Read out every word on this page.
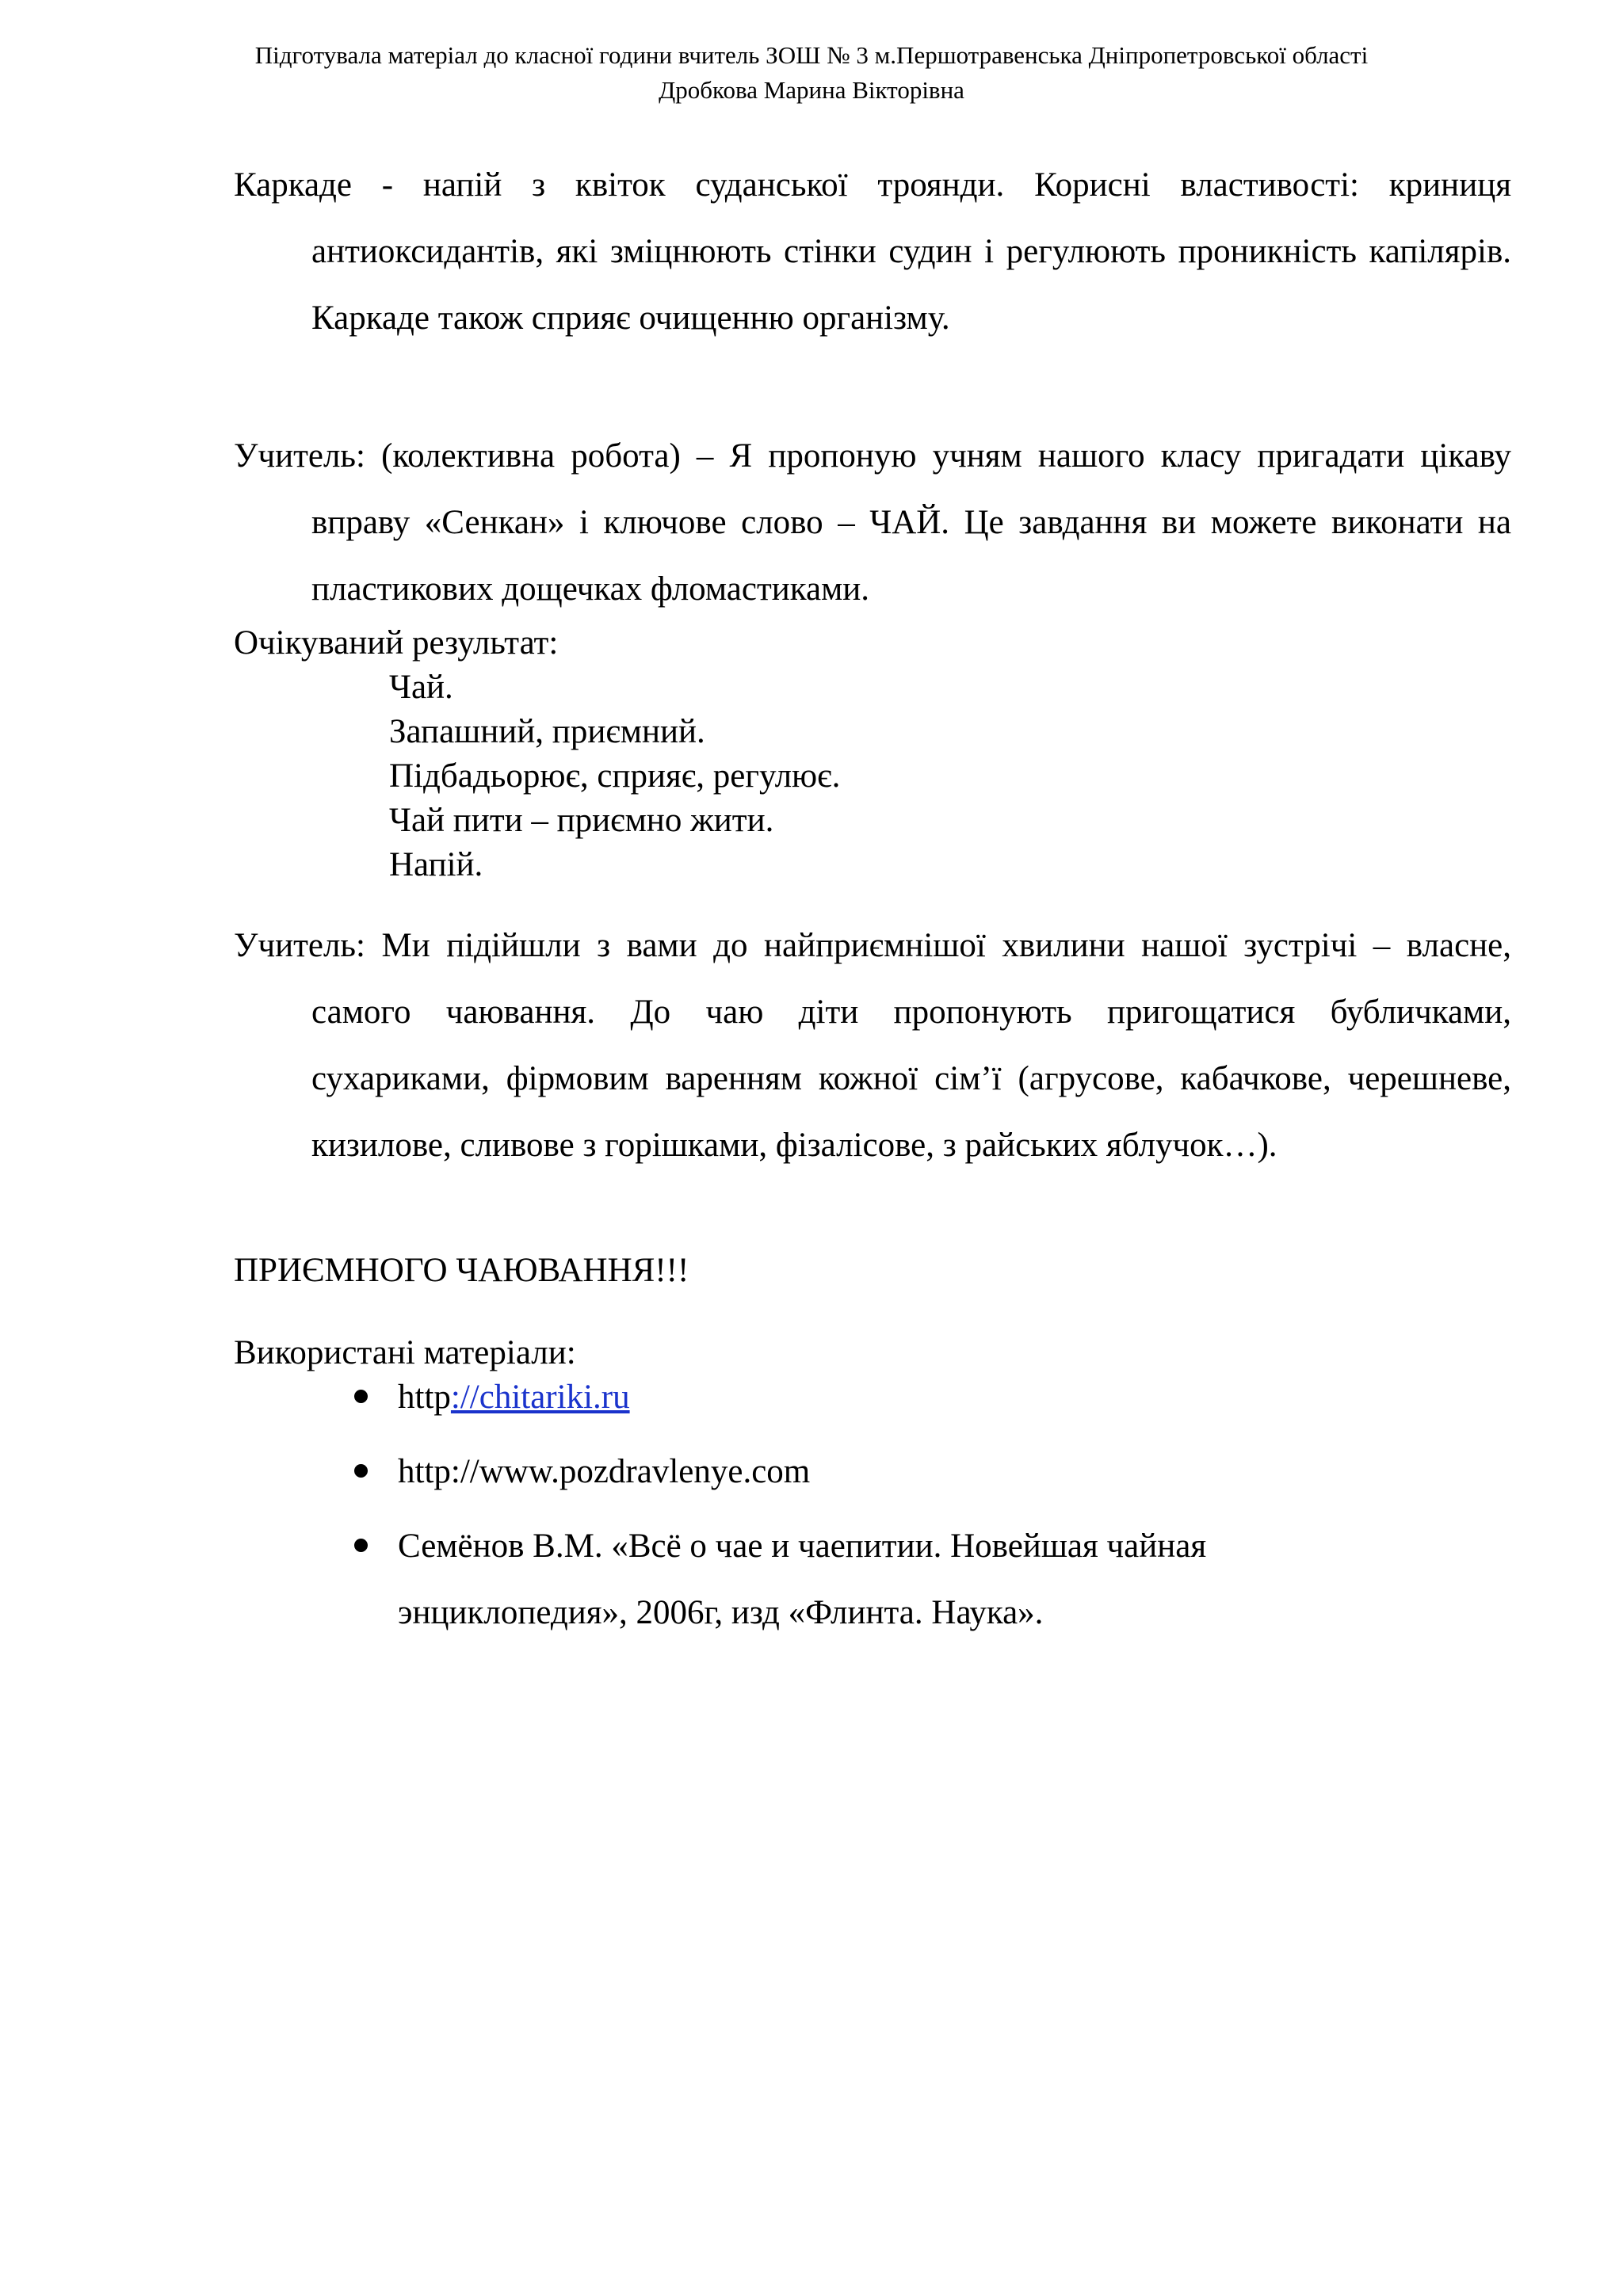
Підготувала матеріал до класної години вчитель ЗОШ № 3 м.Першотравенська Дніпропетровської області
Дробкова Марина Вікторівна

Каркаде - напій з квіток суданської троянди. Корисні властивості: криниця антиоксидантів, які зміцнюють стінки судин і регулюють проникність капілярів. Каркаде також сприяє очищенню організму.

Учитель: (колективна робота) – Я пропоную учням нашого класу пригадати цікаву вправу «Сенкан» і ключове слово – ЧАЙ. Це завдання ви можете виконати на пластикових дощечках фломастиками.

Очікуваний результат:

Чай.
Запашний, приємний.
Підбадьорює, сприяє, регулює.
Чай пити – приємно жити.
Напій.

Учитель: Ми підійшли з вами до найприємнішої хвилини нашої зустрічі – власне, самого чаювання. До чаю діти пропонують пригощатися бубличками, сухариками, фірмовим варенням кожної сім’ї (агрусове, кабачкове, черешневе, кизилове, сливове з горішками, фізалісове, з райських яблучок…).

ПРИЄМНОГО ЧАЮВАННЯ!!!

Використані матеріали:

http://chitariki.ru
http://www.pozdravlenye.com
Семёнов В.М. «Всё о чае и чаепитии. Новейшая чайная энциклопедия», 2006г, изд «Флинта. Наука».
